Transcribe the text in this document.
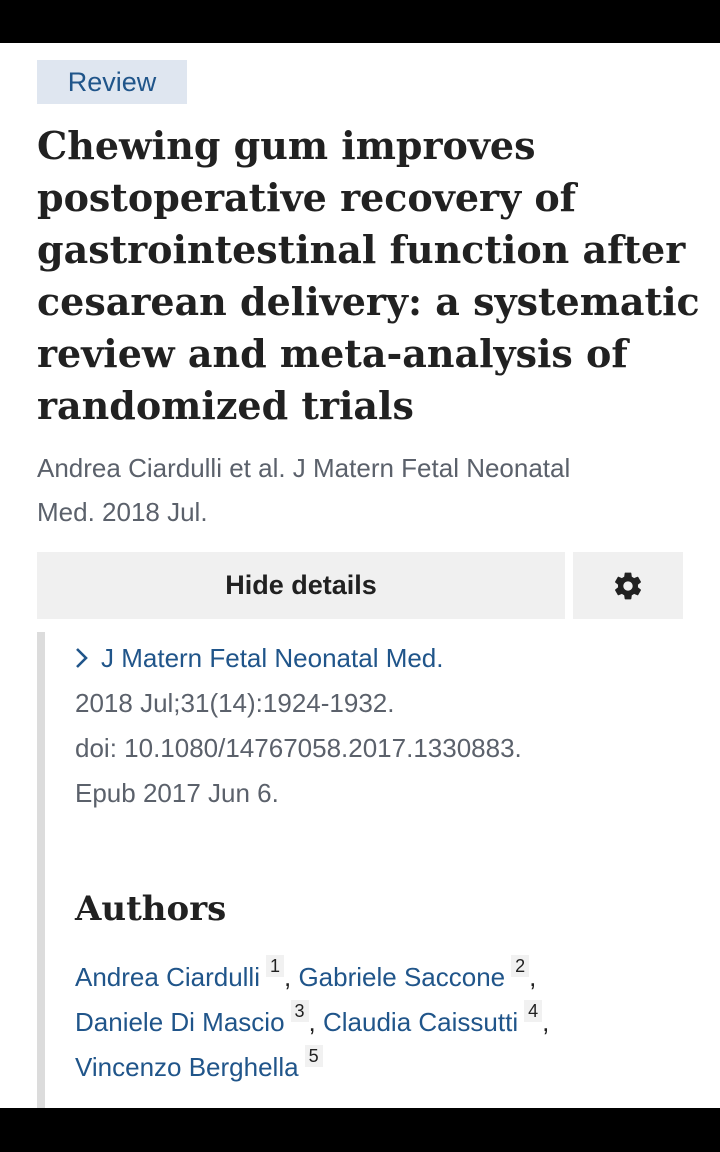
Review
Chewing gum improves
postoperative recovery of
gastrointestinal function after
cesarean delivery: a systematic
review and meta-analysis of
randomized trials
Andrea Ciardulli et al. J Matern Fetal Neonatal
Med. 2018 Jul.
Hide details
J Matern Fetal Neonatal Med.
2018 Jul;31(14):1924-1932.
doi: 10.1080/14767058.2017.1330883.
Epub 2017 Jun 6.
Authors
Andrea Ciardulli 1 , Gabriele Saccone 2 ,
Daniele Di Mascio 3 , Claudia Caissutti 4 ,
Vincenzo Berghella 5
